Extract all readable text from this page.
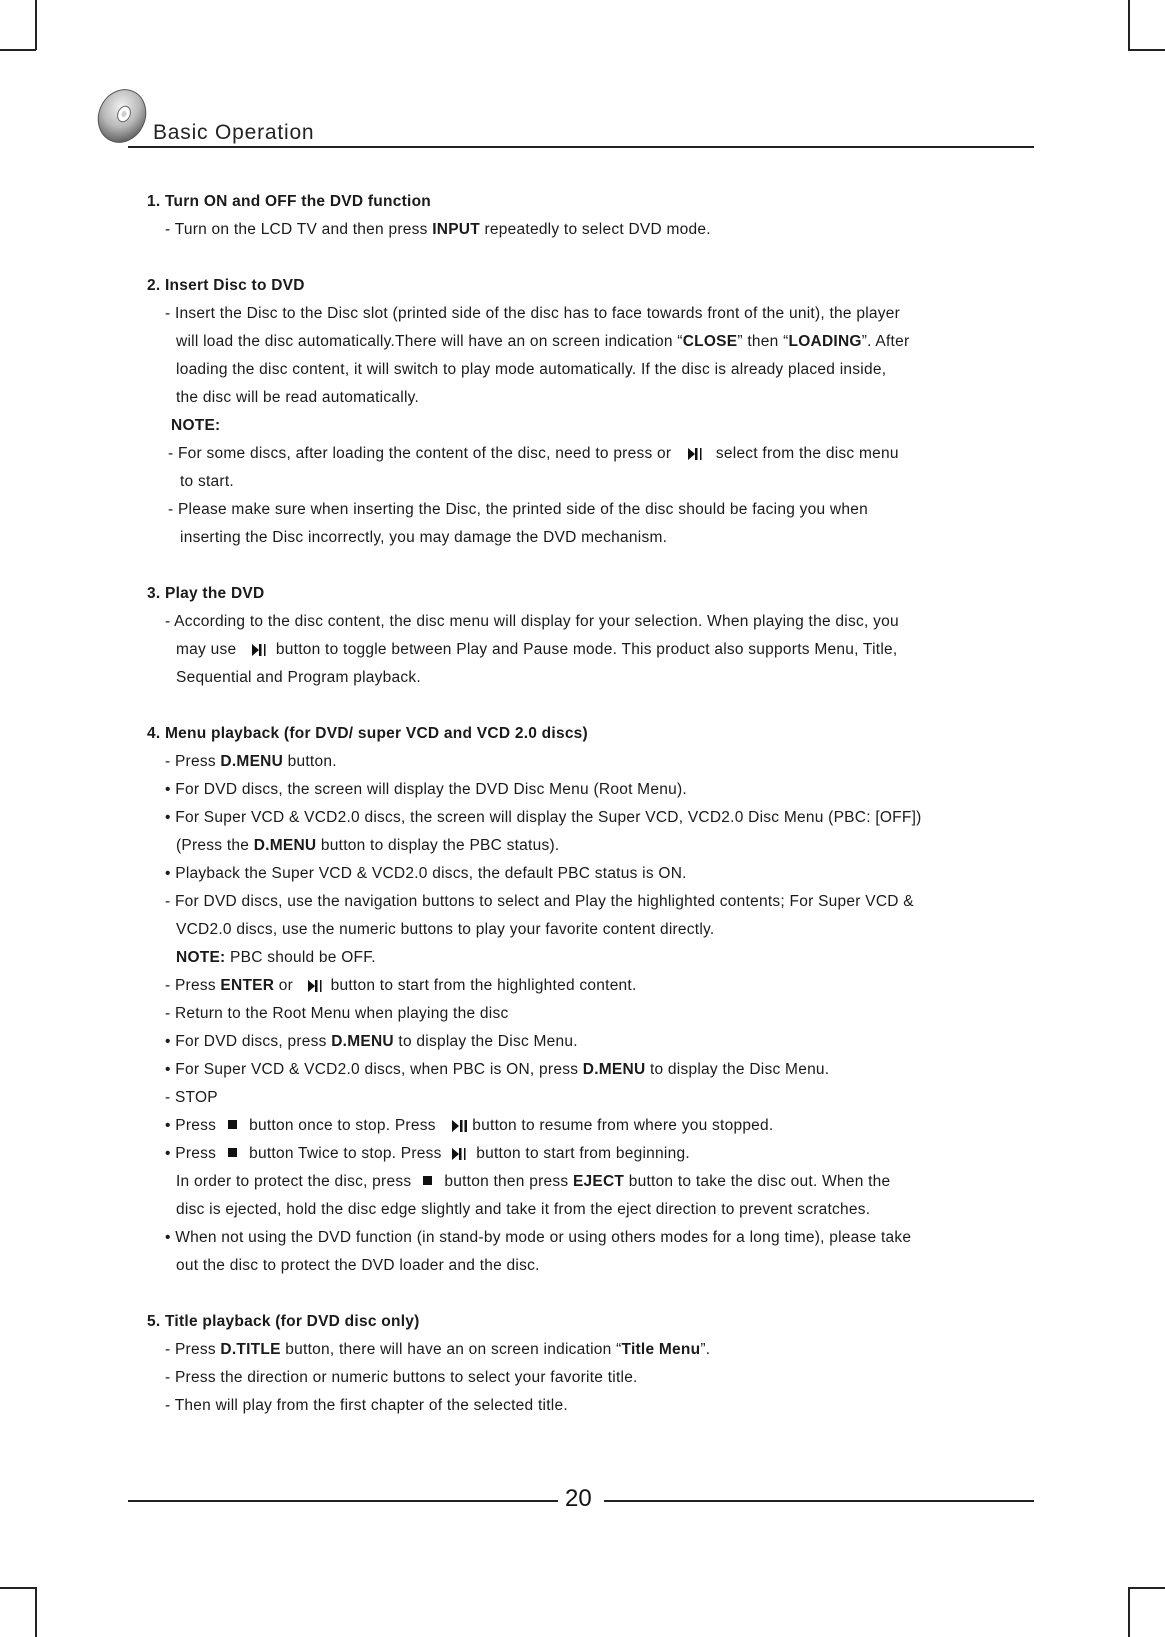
Basic Operation
1. Turn ON and OFF the DVD function
- Turn on the LCD TV and then press INPUT repeatedly to select DVD mode.
2. Insert Disc to DVD
- Insert the Disc to the Disc slot (printed side of the disc has to face towards front of the unit), the player
will load the disc automatically.There will have an on screen indication “CLOSE” then “LOADING”. After
loading the disc content, it will switch to play mode automatically. If the disc is already placed inside,
the disc will be read automatically.
NOTE:
- For some discs, after loading the content of the disc, need to press or	select from the disc menu
to start.
- Please make sure when inserting the Disc, the printed side of the disc should be facing you when
inserting the Disc incorrectly, you may damage the DVD mechanism.
3. Play the DVD
- According to the disc content, the disc menu will display for your selection. When playing the disc, you
may use	button to toggle between Play and Pause mode. This product also supports Menu, Title,
Sequential and Program playback.
4. Menu playback (for DVD/ super VCD and VCD 2.0 discs)
- Press D.MENU button.
• For DVD discs, the screen will display the DVD Disc Menu (Root Menu).
• For Super VCD & VCD2.0 discs, the screen will display the Super VCD, VCD2.0 Disc Menu (PBC: [OFF])
(Press the D.MENU button to display the PBC status).
• Playback the Super VCD & VCD2.0 discs, the default PBC status is ON.
- For DVD discs, use the navigation buttons to select and Play the highlighted contents; For Super VCD &
VCD2.0 discs, use the numeric buttons to play your favorite content directly.
NOTE: PBC should be OFF.
- Press ENTER or button to start from the highlighted content.
- Return to the Root Menu when playing the disc
• For DVD discs, press D.MENU to display the Disc Menu.
• For Super VCD & VCD2.0 discs, when PBC is ON, press D.MENU to display the Disc Menu.
- STOP
• Press button once to stop. Press button to resume from where you stopped.
• Press button Twice to stop. Press button to start from beginning.
In order to protect the disc, press button then press EJECT button to take the disc out. When the
disc is ejected, hold the disc edge slightly and take it from the eject direction to prevent scratches.
• When not using the DVD function (in stand-by mode or using others modes for a long time), please take
out the disc to protect the DVD loader and the disc.
5. Title playback (for DVD disc only)
- Press D.TITLE button, there will have an on screen indication “Title Menu”.
- Press the direction or numeric buttons to select your favorite title.
- Then will play from the first chapter of the selected title.
20
